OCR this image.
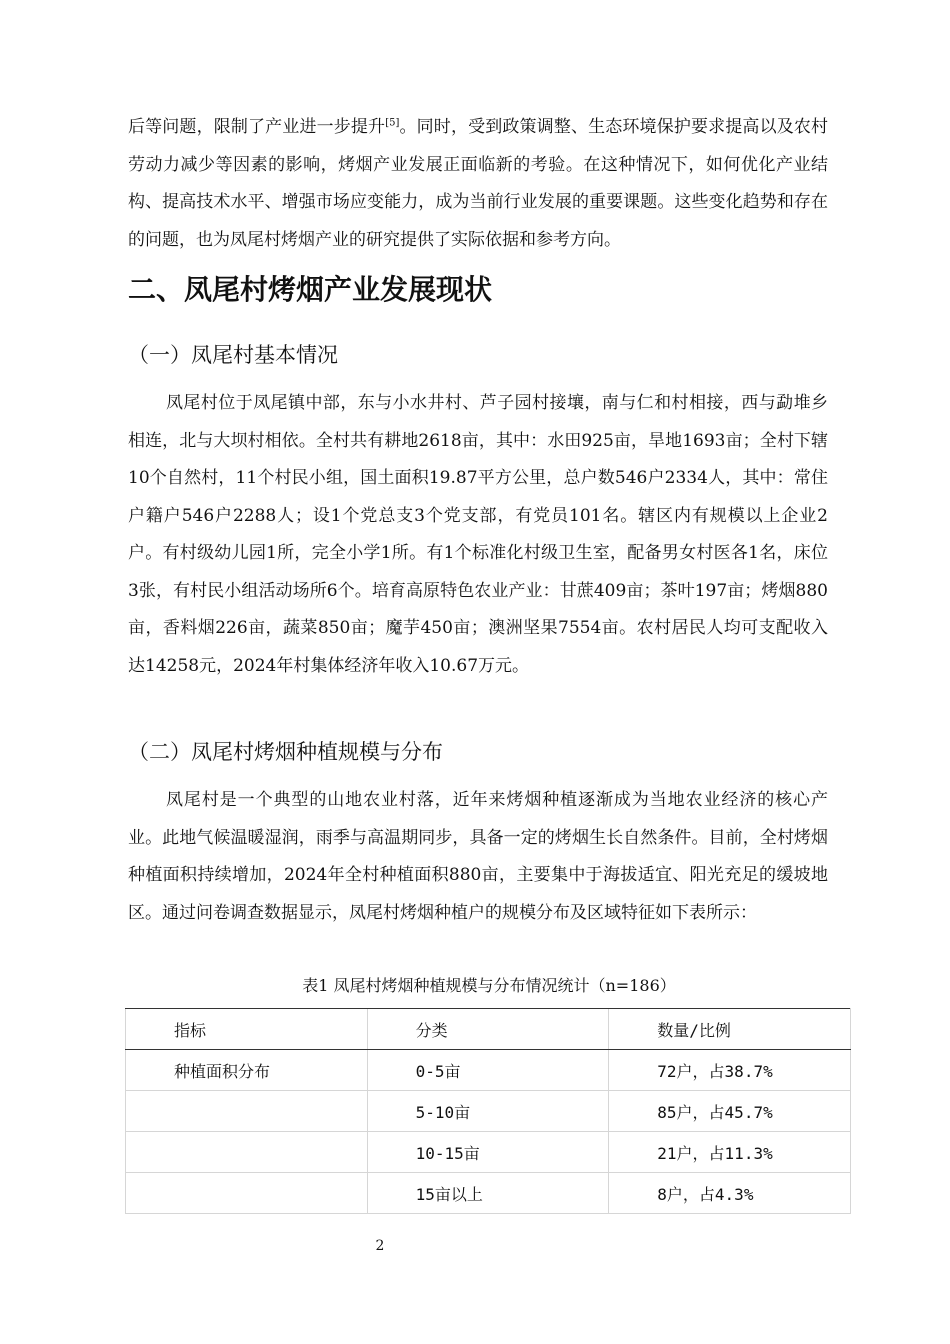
后等问题，限制了产业进一步提升[5]。同时，受到政策调整、生态环境保护要求提高以及农村劳动力减少等因素的影响，烤烟产业发展正面临新的考验。在这种情况下，如何优化产业结构、提高技术水平、增强市场应变能力，成为当前行业发展的重要课题。这些变化趋势和存在的问题，也为凤尾村烤烟产业的研究提供了实际依据和参考方向。

二、凤尾村烤烟产业发展现状
（一）凤尾村基本情况

凤尾村位于凤尾镇中部，东与小水井村、芦子园村接壤，南与仁和村相接，西与勐堆乡相连，北与大坝村相依。全村共有耕地2618亩，其中：水田925亩，旱地1693亩；全村下辖10个自然村，11个村民小组，国土面积19.87平方公里，总户数546户2334人，其中：常住户籍户546户2288人；设1个党总支3个党支部，有党员101名。辖区内有规模以上企业2户。有村级幼儿园1所，完全小学1所。有1个标准化村级卫生室，配备男女村医各1名，床位3张，有村民小组活动场所6个。培育高原特色农业产业：甘蔗409亩；茶叶197亩；烤烟880亩，香料烟226亩，蔬菜850亩；魔芋450亩；澳洲坚果7554亩。农村居民人均可支配收入达14258元，2024年村集体经济年收入10.67万元。

（二）凤尾村烤烟种植规模与分布

凤尾村是一个典型的山地农业村落，近年来烤烟种植逐渐成为当地农业经济的核心产业。此地气候温暖湿润，雨季与高温期同步，具备一定的烤烟生长自然条件。目前，全村烤烟种植面积持续增加，2024年全村种植面积880亩，主要集中于海拔适宜、阳光充足的缓坡地区。通过问卷调查数据显示，凤尾村烤烟种植户的规模分布及区域特征如下表所示：

表1 凤尾村烤烟种植规模与分布情况统计（n=186）

指标	分类	数量/比例
种植面积分布	0-5亩	72户，占38.7%
	5-10亩	85户，占45.7%
	10-15亩	21户，占11.3%
	15亩以上	8户，占4.3%
2
